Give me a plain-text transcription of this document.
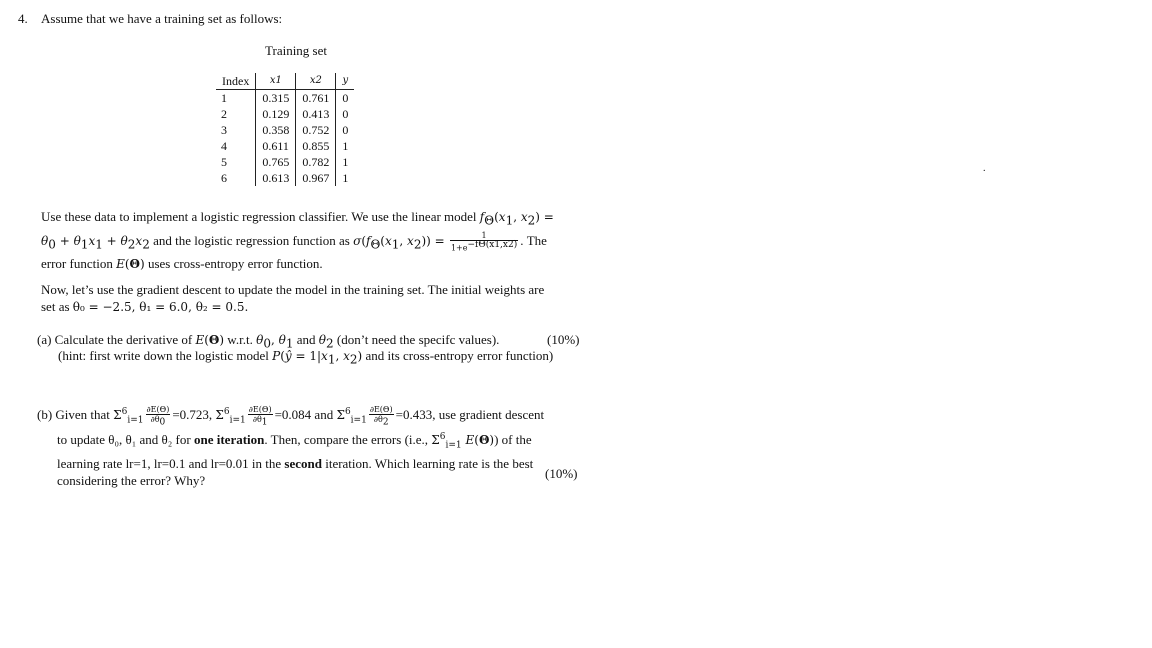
4. Assume that we have a training set as follows:
Training set
Index	x1	x2	y
1	0.315	0.761	0
2	0.129	0.413	0
3	0.358	0.752	0
4	0.611	0.855	1
5	0.765	0.782	1
6	0.613	0.967	1

Use these data to implement a logistic regression classifier. We use the linear model $f_\Theta(x_1$, $x_2$) =
$\theta_0 + \theta_1x_1 + \theta_2x_2$ and the logistic regression function as $\sigma(f_\Theta(x_1$, $x_2)) = \frac{1}{1+e^{-f\Theta(x1,x2)}}$ . The
error function E(Θ) uses cross-entropy error function.

Now, let’s use the gradient descent to update the model in the training set. The initial weights are
set as θ₀ = −2.5, θ₁ = 6.0, θ₂ = 0.5.

(a) Calculate the derivative of E(Θ) w.r.t. $\theta_0$, $\theta_1$ and $\theta_2$ (don’t need the specifc values).	(10%)
(hint: first write down the logistic model P(ŷ = $1|x_1$, $x_2$) and its cross-entropy error function)
(b) Given that $\Sigma^6_{i=1} \frac{\partial E(\Theta)}{\partial\theta_0} =0.723$, $\Sigma^6_{i=1} \frac{\partial E(\Theta)}{\partial\theta_1} =0.084$ and $\Sigma^6_{i=1} \frac{\partial E(\Theta)}{\partial\theta_2} =0.433$, use gradient descent
to update θ₀, θ₁ and θ₂ for one iteration. Then, compare the errors (i.e., $\Sigma^6_{i=1}$ E(Θ)) of the
learning rate lr=1, lr=0.1 and lr=0.01 in the second iteration. Which learning rate is the best
considering the error? Why?	(10%)
.
